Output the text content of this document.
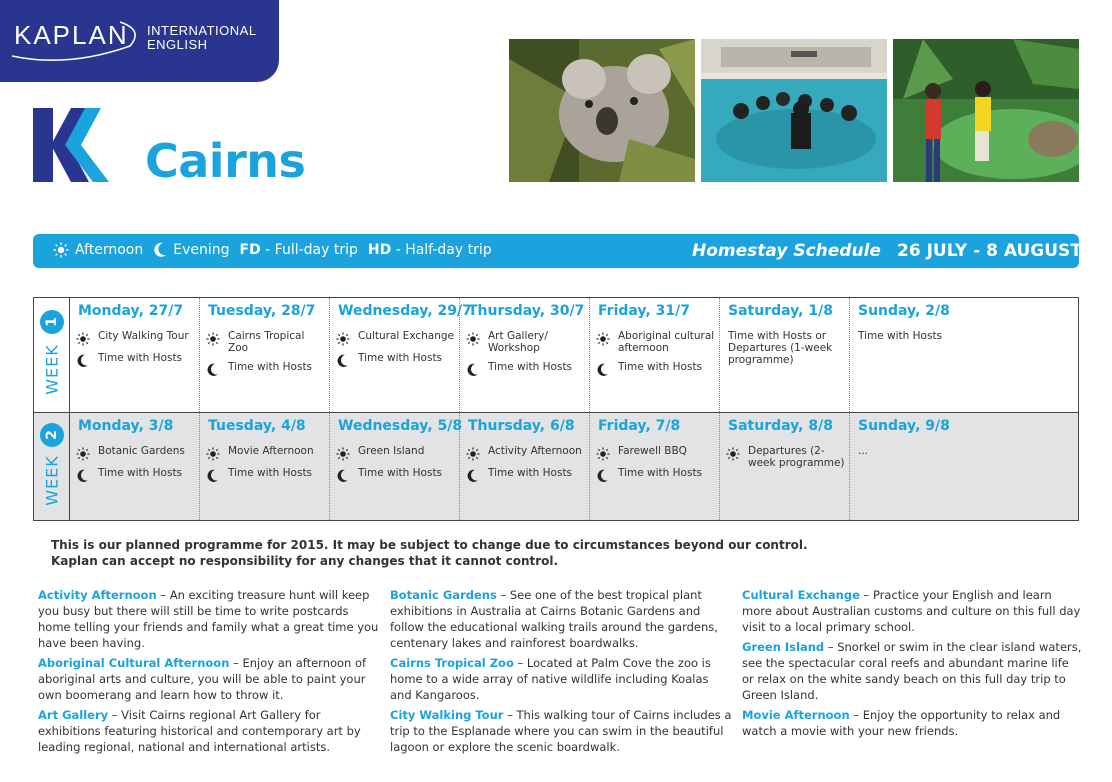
KAPLAN INTERNATIONAL
ENGLISH
Cairns
Afternoon Evening FD
- Full-day trip HD
- Half-day trip	Homestay Schedule 26 JULY - 8 AUGUST
1
WEEK
Monday, 27/7
City Walking Tour
Time with Hosts
Tuesday, 28/7
Cairns Tropical Zoo
Time with Hosts
Wednesday, 29/7
Cultural Exchange
Time with Hosts
Thursday, 30/7
Art Gallery/ Workshop
Time with Hosts
Friday, 31/7
Aboriginal cultural afternoon
Time with Hosts
Saturday, 1/8
Time with Hosts or Departures (1-week programme)
Sunday, 2/8
Time with Hosts
2
WEEK
Monday, 3/8
Botanic Gardens
Time with Hosts
Tuesday, 4/8
Movie Afternoon
Time with Hosts
Wednesday, 5/8
Green Island
Time with Hosts
Thursday, 6/8
Activity Afternoon
Time with Hosts
Friday, 7/8
Farewell BBQ
Time with Hosts
Saturday, 8/8
Departures (2-week programme)
Sunday, 9/8
...
This is our planned programme for 2015. It may be subject to change due to circumstances beyond our control.
Kaplan can accept no responsibility for any changes that it cannot control.
Activity Afternoon – An exciting treasure hunt will keep you busy but there will still be time to write postcards home telling your friends and family what a great time you have been having.
Aboriginal Cultural Afternoon – Enjoy an afternoon of aboriginal arts and culture, you will be able to paint your own boomerang and learn how to throw it.
Art Gallery – Visit Cairns regional Art Gallery for exhibitions featuring historical and contemporary art by leading regional, national and international artists.
Botanic Gardens – See one of the best tropical plant exhibitions in Australia at Cairns Botanic Gardens and follow the educational walking trails around the gardens, centenary lakes and rainforest boardwalks.
Cairns Tropical Zoo – Located at Palm Cove the zoo is home to a wide array of native wildlife including Koalas and Kangaroos.
City Walking Tour – This walking tour of Cairns includes a trip to the Esplanade where you can swim in the beautiful lagoon or explore the scenic boardwalk.
Cultural Exchange – Practice your English and learn more about Australian customs and culture on this full day visit to a local primary school.
Green Island – Snorkel or swim in the clear island waters, see the spectacular coral reefs and abundant marine life or relax on the white sandy beach on this full day trip to Green Island.
Movie Afternoon – Enjoy the opportunity to relax and watch a movie with your new friends.
